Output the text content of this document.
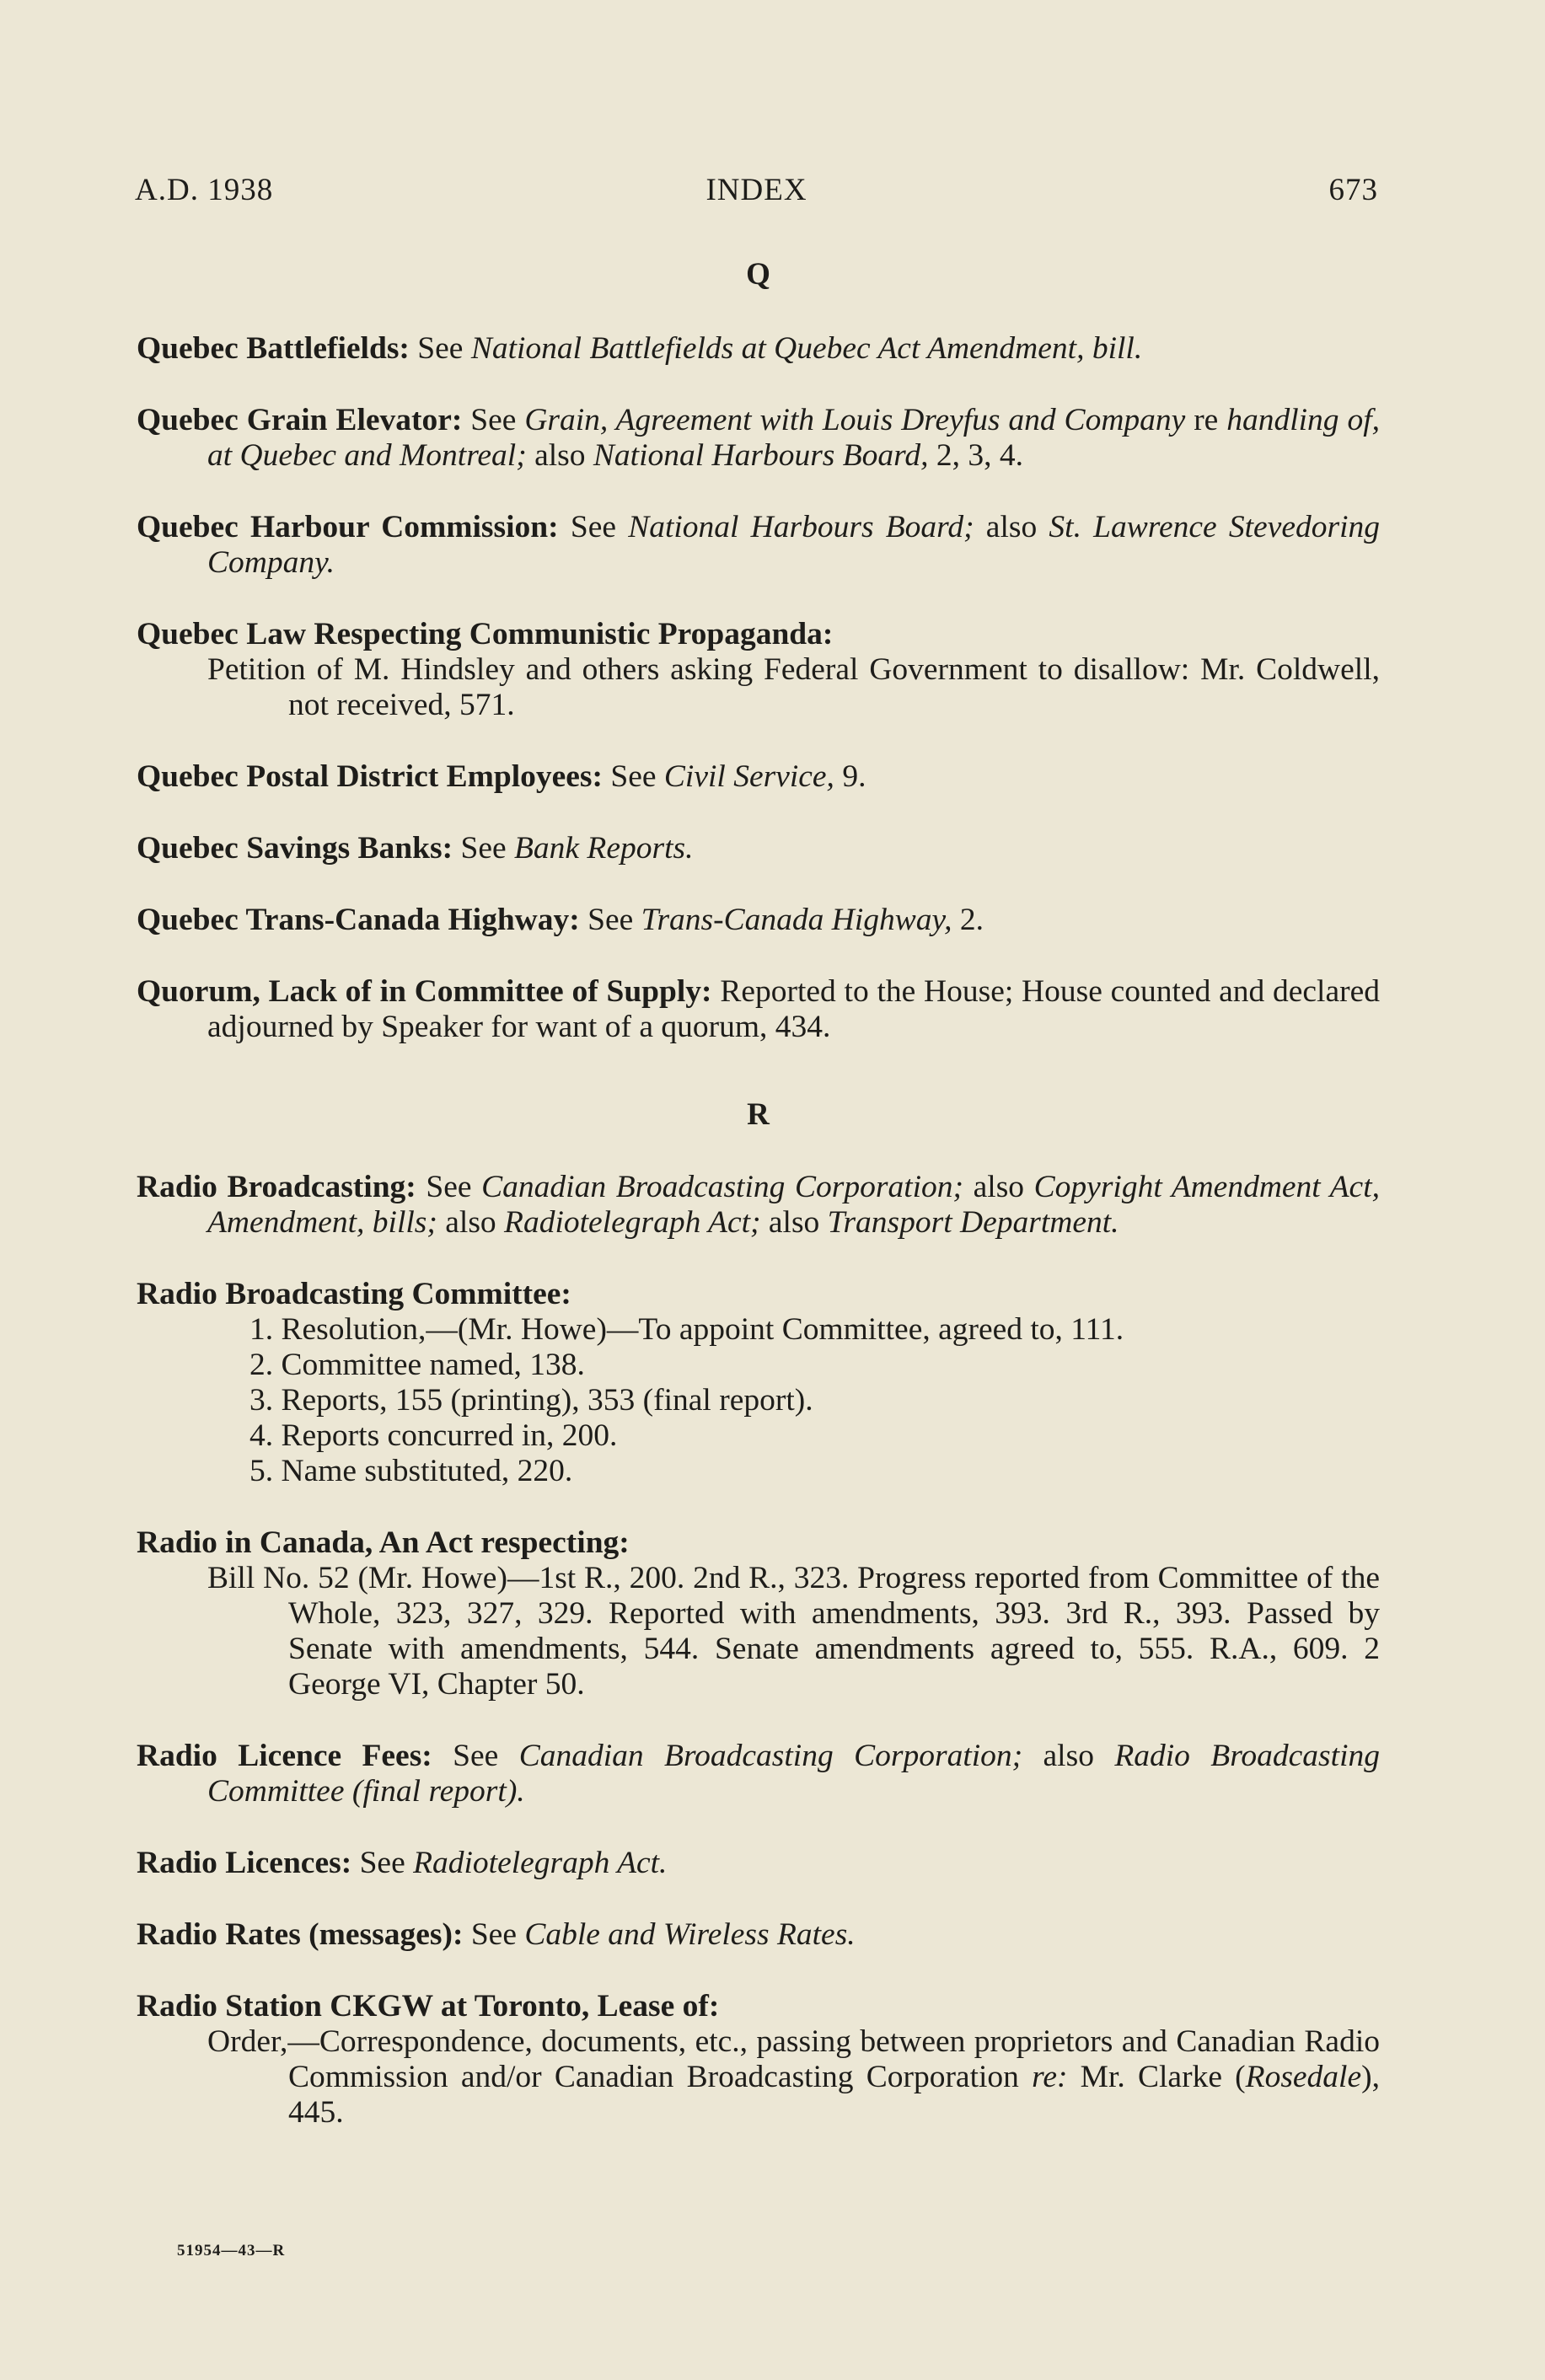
A.D. 1938	INDEX	673
Q
Quebec Battlefields: See National Battlefields at Quebec Act Amendment, bill.
Quebec Grain Elevator: See Grain, Agreement with Louis Dreyfus and Company re handling of, at Quebec and Montreal; also National Harbours Board, 2, 3, 4.
Quebec Harbour Commission: See National Harbours Board; also St. Lawrence Stevedoring Company.
Quebec Law Respecting Communistic Propaganda:
Petition of M. Hindsley and others asking Federal Government to disallow: Mr. Coldwell, not received, 571.
Quebec Postal District Employees: See Civil Service, 9.
Quebec Savings Banks: See Bank Reports.
Quebec Trans-Canada Highway: See Trans-Canada Highway, 2.
Quorum, Lack of in Committee of Supply: Reported to the House; House counted and declared adjourned by Speaker for want of a quorum, 434.
R
Radio Broadcasting: See Canadian Broadcasting Corporation; also Copyright Amendment Act, Amendment, bills; also Radiotelegraph Act; also Transport Department.
Radio Broadcasting Committee:
1. Resolution,—(Mr. Howe)—To appoint Committee, agreed to, 111.
2. Committee named, 138.
3. Reports, 155 (printing), 353 (final report).
4. Reports concurred in, 200.
5. Name substituted, 220.
Radio in Canada, An Act respecting:
Bill No. 52 (Mr. Howe)—1st R., 200. 2nd R., 323. Progress reported from Committee of the Whole, 323, 327, 329. Reported with amendments, 393. 3rd R., 393. Passed by Senate with amendments, 544. Senate amendments agreed to, 555. R.A., 609. 2 George VI, Chapter 50.
Radio Licence Fees: See Canadian Broadcasting Corporation; also Radio Broadcasting Committee (final report).
Radio Licences: See Radiotelegraph Act.
Radio Rates (messages): See Cable and Wireless Rates.
Radio Station CKGW at Toronto, Lease of:
Order,—Correspondence, documents, etc., passing between proprietors and Canadian Radio Commission and/or Canadian Broadcasting Corporation re: Mr. Clarke (Rosedale), 445.
51954—43—R
